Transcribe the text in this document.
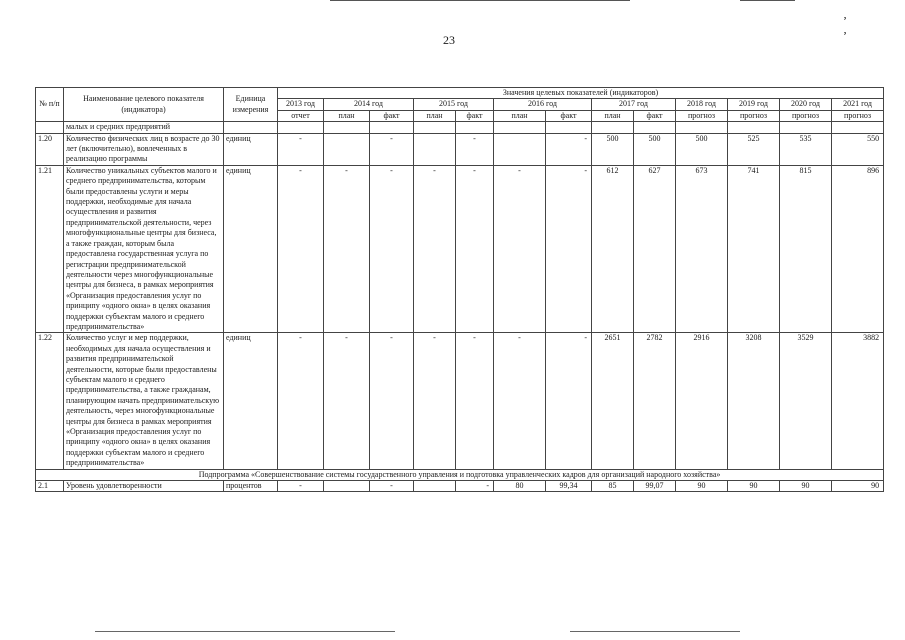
ʼ ʼ
23
№ п/п	Наименование целевого показателя (индикатора)	Единица измерения	Значения целевых показателей (индикаторов)												
			2013 год	2014 год		2015 год		2016 год		2017 год		2018 год	2019 год	2020 год	2021 год
			отчет	план	факт	план	факт	план	факт	план	факт	прогноз	прогноз	прогноз	прогноз
	малых и средних предприятий														
1.20	Количество физических лиц в возрасте до 30 лет (включительно), вовлеченных в реализацию программы	единиц	-		-		-		-	500	500	500	525	535	550
1.21	Количество уникальных субъектов малого и среднего предпринимательства, которым были предоставлены услуги и меры поддержки, необходимые для начала осуществления и развития предпринимательской деятельности, через многофункциональные центры для бизнеса, а также граждан, которым была предоставлена государственная услуга по регистрации предпринимательской деятельности через многофункциональные центры для бизнеса, в рамках мероприятия «Организация предоставления услуг по принципу «одного окна» в целях оказания поддержки субъектам малого и среднего предпринимательства»	единиц	-	-	-	-	-	-	-	612	627	673	741	815	896
1.22	Количество услуг и мер поддержки, необходимых для начала осуществления и развития предпринимательской деятельности, которые были предоставлены субъектам малого и среднего предпринимательства, а также гражданам, планирующим начать предпринимательскую деятельность, через многофункциональные центры для бизнеса в рамках мероприятия «Организация предоставления услуг по принципу «одного окна» в целях оказания поддержки субъектам малого и среднего предпринимательства»	единиц	-	-	-	-	-	-	-	2651	2782	2916	3208	3529	3882
Подпрограмма «Совершенствование системы государственного управления и подготовка управленческих кадров для организаций народного хозяйства»															
2.1	Уровень удовлетворенности	процентов	-		-		-	80	99,34	85	99,07	90	90	90	90
